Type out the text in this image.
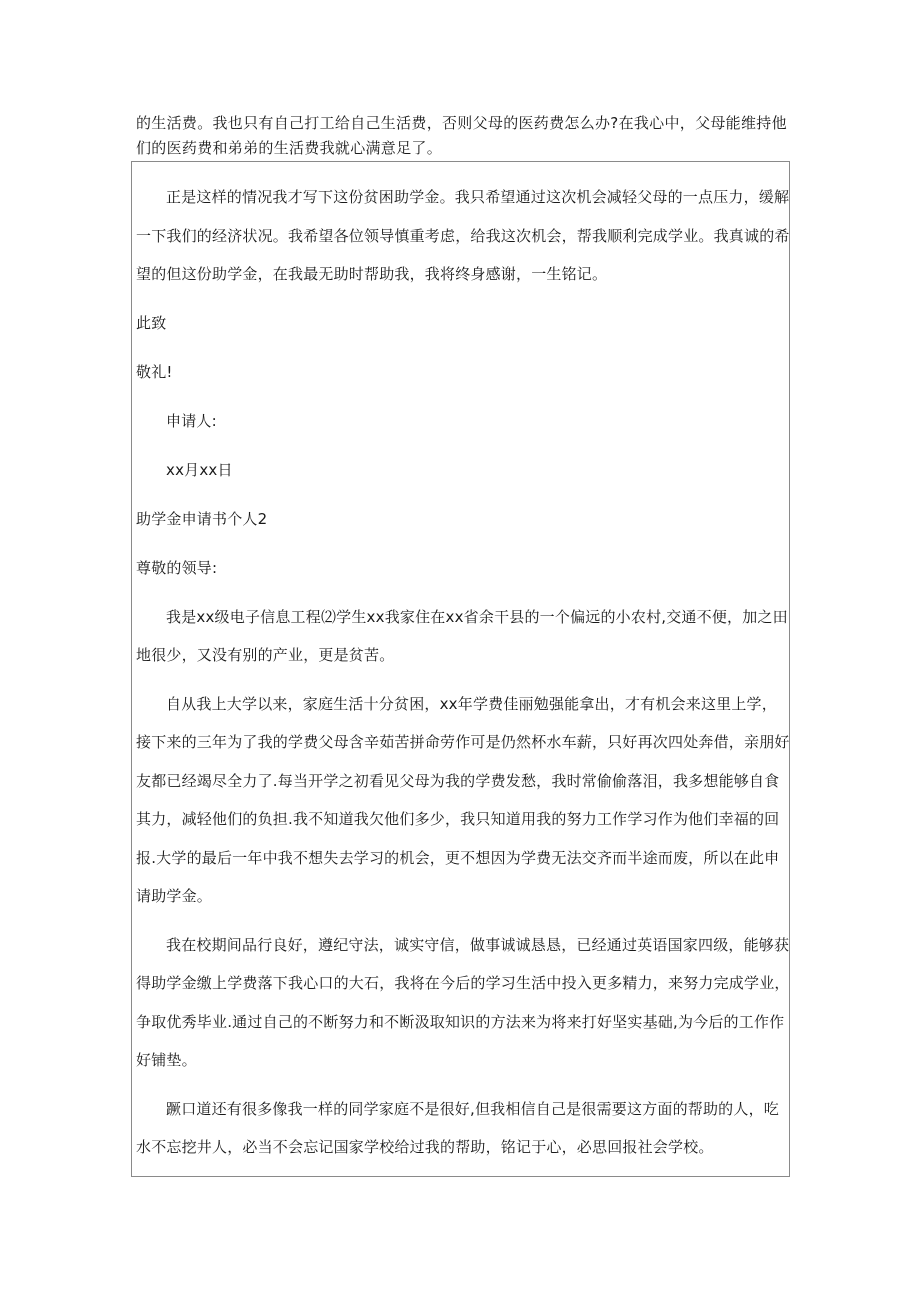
的生活费。我也只有自己打工给自己生活费，否则父母的医药费怎么办?在我心中，父母能维持他们的医药费和弟弟的生活费我就心满意足了。

正是这样的情况我才写下这份贫困助学金。我只希望通过这次机会减轻父母的一点压力，缓解一下我们的经济状况。我希望各位领导慎重考虑，给我这次机会，帮我顺利完成学业。我真诚的希望的但这份助学金，在我最无助时帮助我，我将终身感谢，一生铭记。

此致

敬礼!

申请人:

xx月xx日

助学金申请书个人2

尊敬的领导:

我是xx级电子信息工程⑵学生xx我家住在xx省余干县的一个偏远的小农村,交通不便，加之田地很少，又没有别的产业，更是贫苦。

自从我上大学以来，家庭生活十分贫困，xx年学费佳丽勉强能拿出，才有机会来这里上学，接下来的三年为了我的学费父母含辛茹苦拼命劳作可是仍然杯水车薪，只好再次四处奔借，亲朋好友都已经竭尽全力了.每当开学之初看见父母为我的学费发愁，我时常偷偷落泪，我多想能够自食其力，减轻他们的负担.我不知道我欠他们多少，我只知道用我的努力工作学习作为他们幸福的回报.大学的最后一年中我不想失去学习的机会，更不想因为学费无法交齐而半途而废，所以在此申请助学金。

我在校期间品行良好，遵纪守法，诚实守信，做事诚诚恳恳，已经通过英语国家四级，能够获得助学金缴上学费落下我心口的大石，我将在今后的学习生活中投入更多精力，来努力完成学业，争取优秀毕业.通过自己的不断努力和不断汲取知识的方法来为将来打好坚实基础,为今后的工作作好铺垫。

蹶口道还有很多像我一样的同学家庭不是很好,但我相信自己是很需要这方面的帮助的人，吃水不忘挖井人，必当不会忘记国家学校给过我的帮助，铭记于心，必思回报社会学校。
